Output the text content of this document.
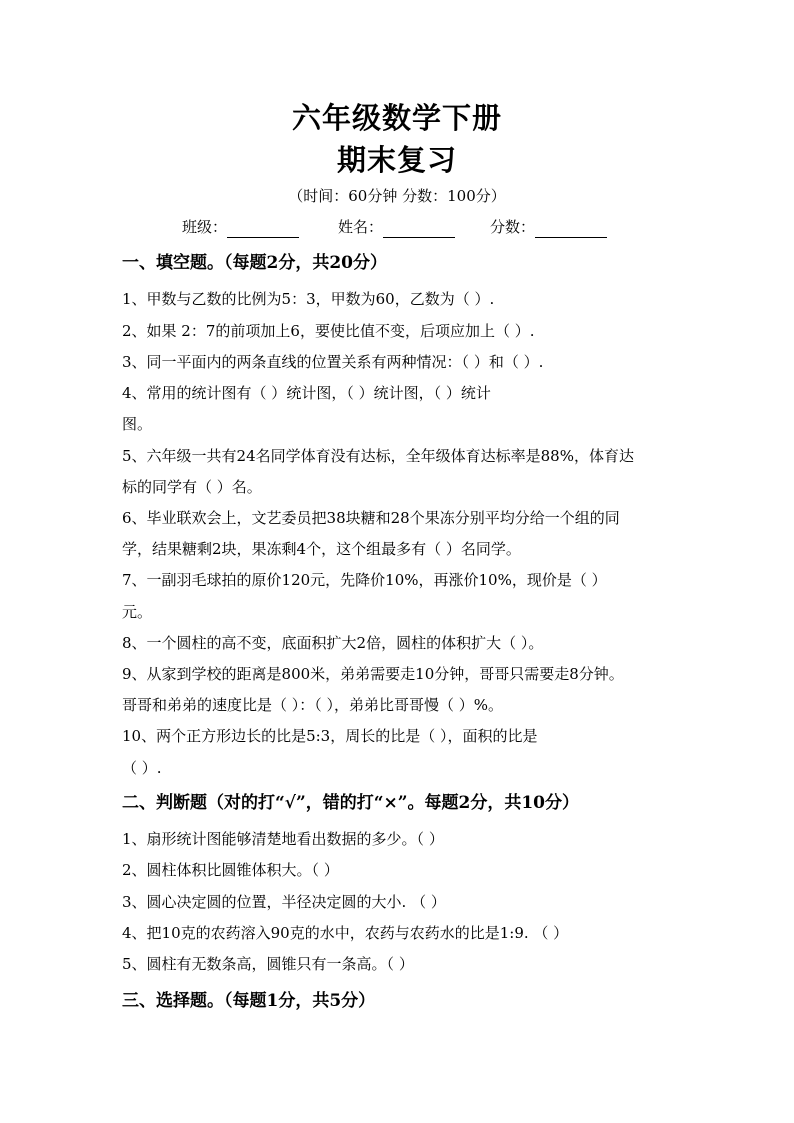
六年级数学下册
期末复习
（时间：60分钟 分数：100分）
班级：	姓名：	分数：
一、填空题。（每题2分，共20分）
1、甲数与乙数的比例为5：3，甲数为60，乙数为（ ）.
2、如果 2：7的前项加上6，要使比值不变，后项应加上（ ）.
3、同一平面内的两条直线的位置关系有两种情况：（ ）和（ ）.
4、常用的统计图有（ ）统计图，（ ）统计图，（ ）统计
图。
5、六年级一共有24名同学体育没有达标，全年级体育达标率是88%，体育达
标的同学有（ ）名。
6、毕业联欢会上，文艺委员把38块糖和28个果冻分别平均分给一个组的同
学，结果糖剩2块，果冻剩4个，这个组最多有（ ）名同学。
7、一副羽毛球拍的原价120元，先降价10%，再涨价10%，现价是（ ）
元。
8、一个圆柱的高不变，底面积扩大2倍，圆柱的体积扩大（ ）。
9、从家到学校的距离是800米，弟弟需要走10分钟，哥哥只需要走8分钟。
哥哥和弟弟的速度比是（ ）：（ ），弟弟比哥哥慢（ ）%。
10、两个正方形边长的比是5:3，周长的比是（ ），面积的比是
（ ）.
二、判断题（对的打“√”，错的打“×”。每题2分，共10分）
1、扇形统计图能够清楚地看出数据的多少。（ ）
2、圆柱体积比圆锥体积大。（ ）
3、圆心决定圆的位置，半径决定圆的大小. （ ）
4、把10克的农药溶入90克的水中，农药与农药水的比是1:9. （ ）
5、圆柱有无数条高，圆锥只有一条高。（ ）
三、选择题。（每题1分，共5分）
